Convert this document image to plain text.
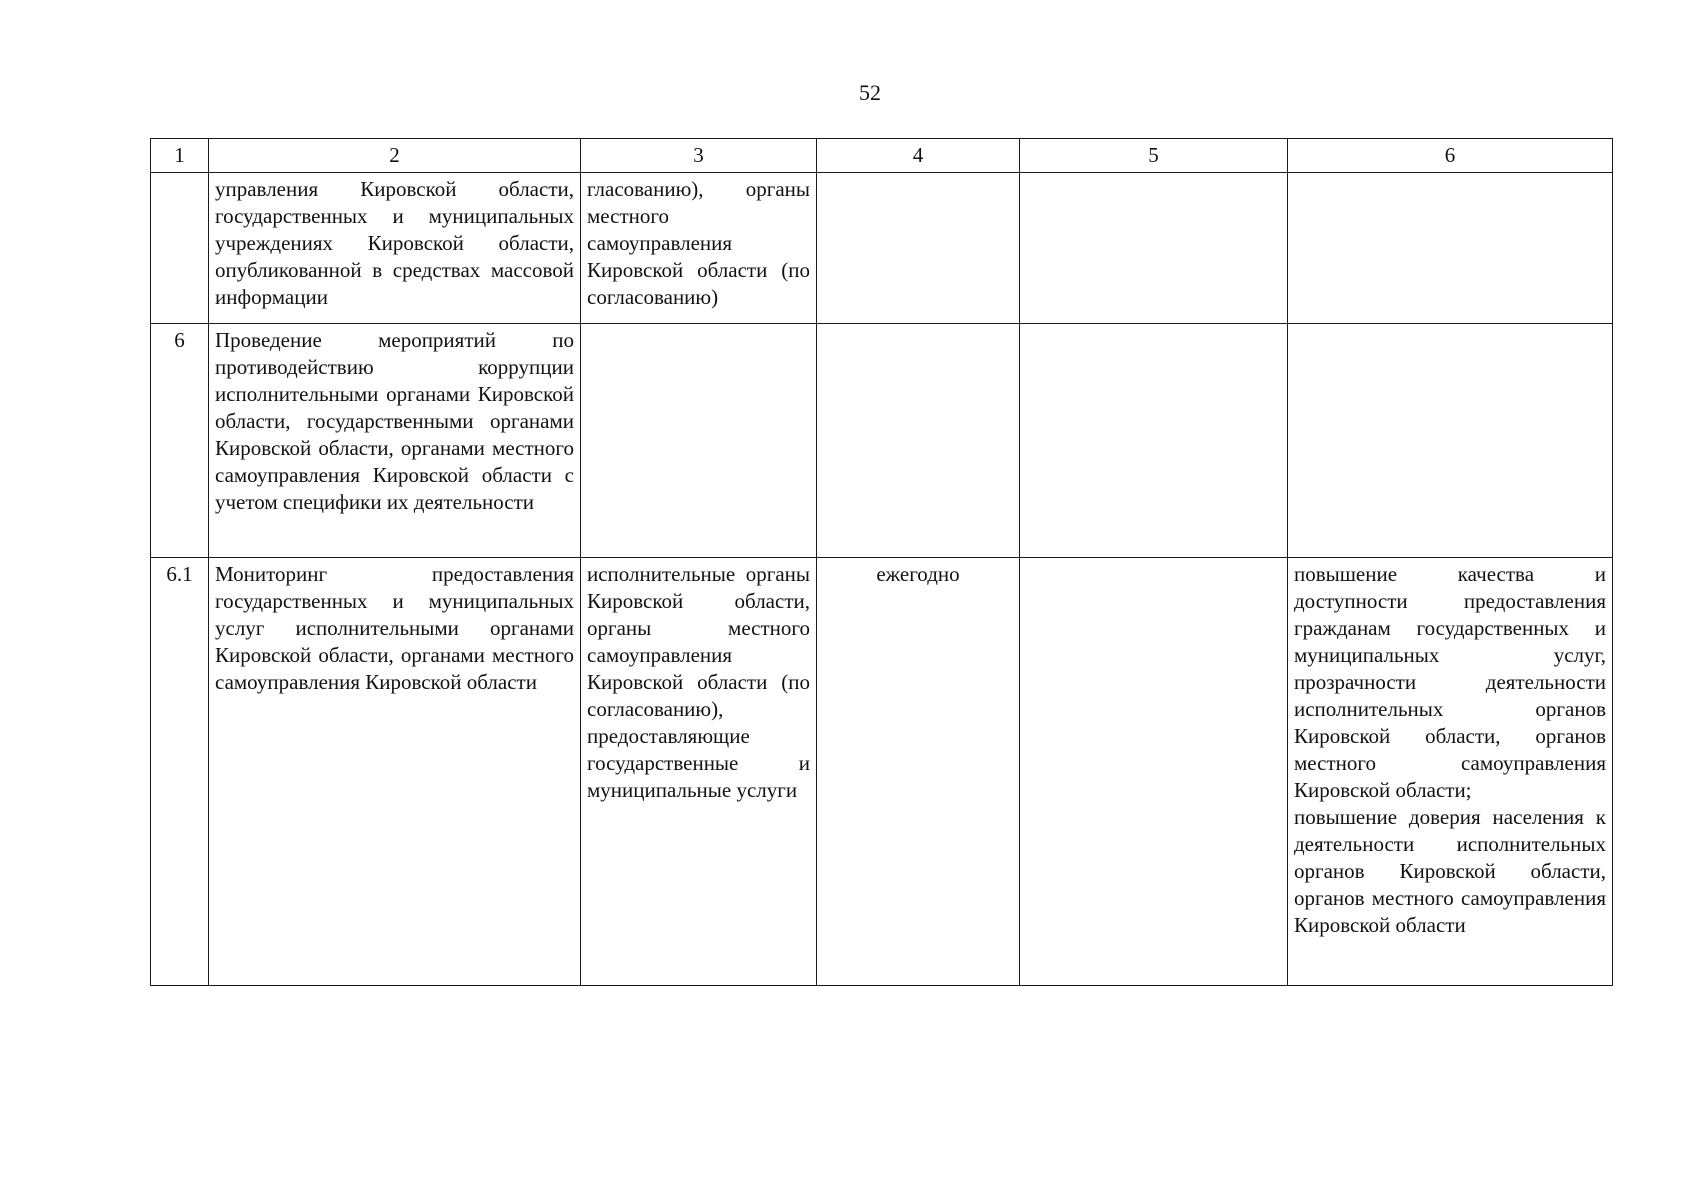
52
1	2	3	4	5	6
	управления Кировской области, государственных и муниципальных учреждениях Кировской области, опубликованной в средствах массовой информации	гласованию), органы местного самоуправления Кировской области (по согласованию)			
6	Проведение мероприятий по противодействию коррупции исполнительными органами Кировской области, государственными органами Кировской области, органами местного самоуправления Кировской области с учетом специфики их деятельности				
6.1	Мониторинг предоставления государственных и муниципальных услуг исполнительными органами Кировской области, органами местного самоуправления Кировской области	исполнительные органы Кировской области, органы местного самоуправления Кировской области (по согласованию), предоставляющие государственные и муниципальные услуги	ежегодно		повышение качества и доступности предоставления гражданам государственных и муниципальных услуг, прозрачности деятельности исполнительных органов Кировской области, органов местного самоуправления Кировской области;
повышение доверия населения к деятельности исполнительных органов Кировской области, органов местного самоуправления Кировской области
